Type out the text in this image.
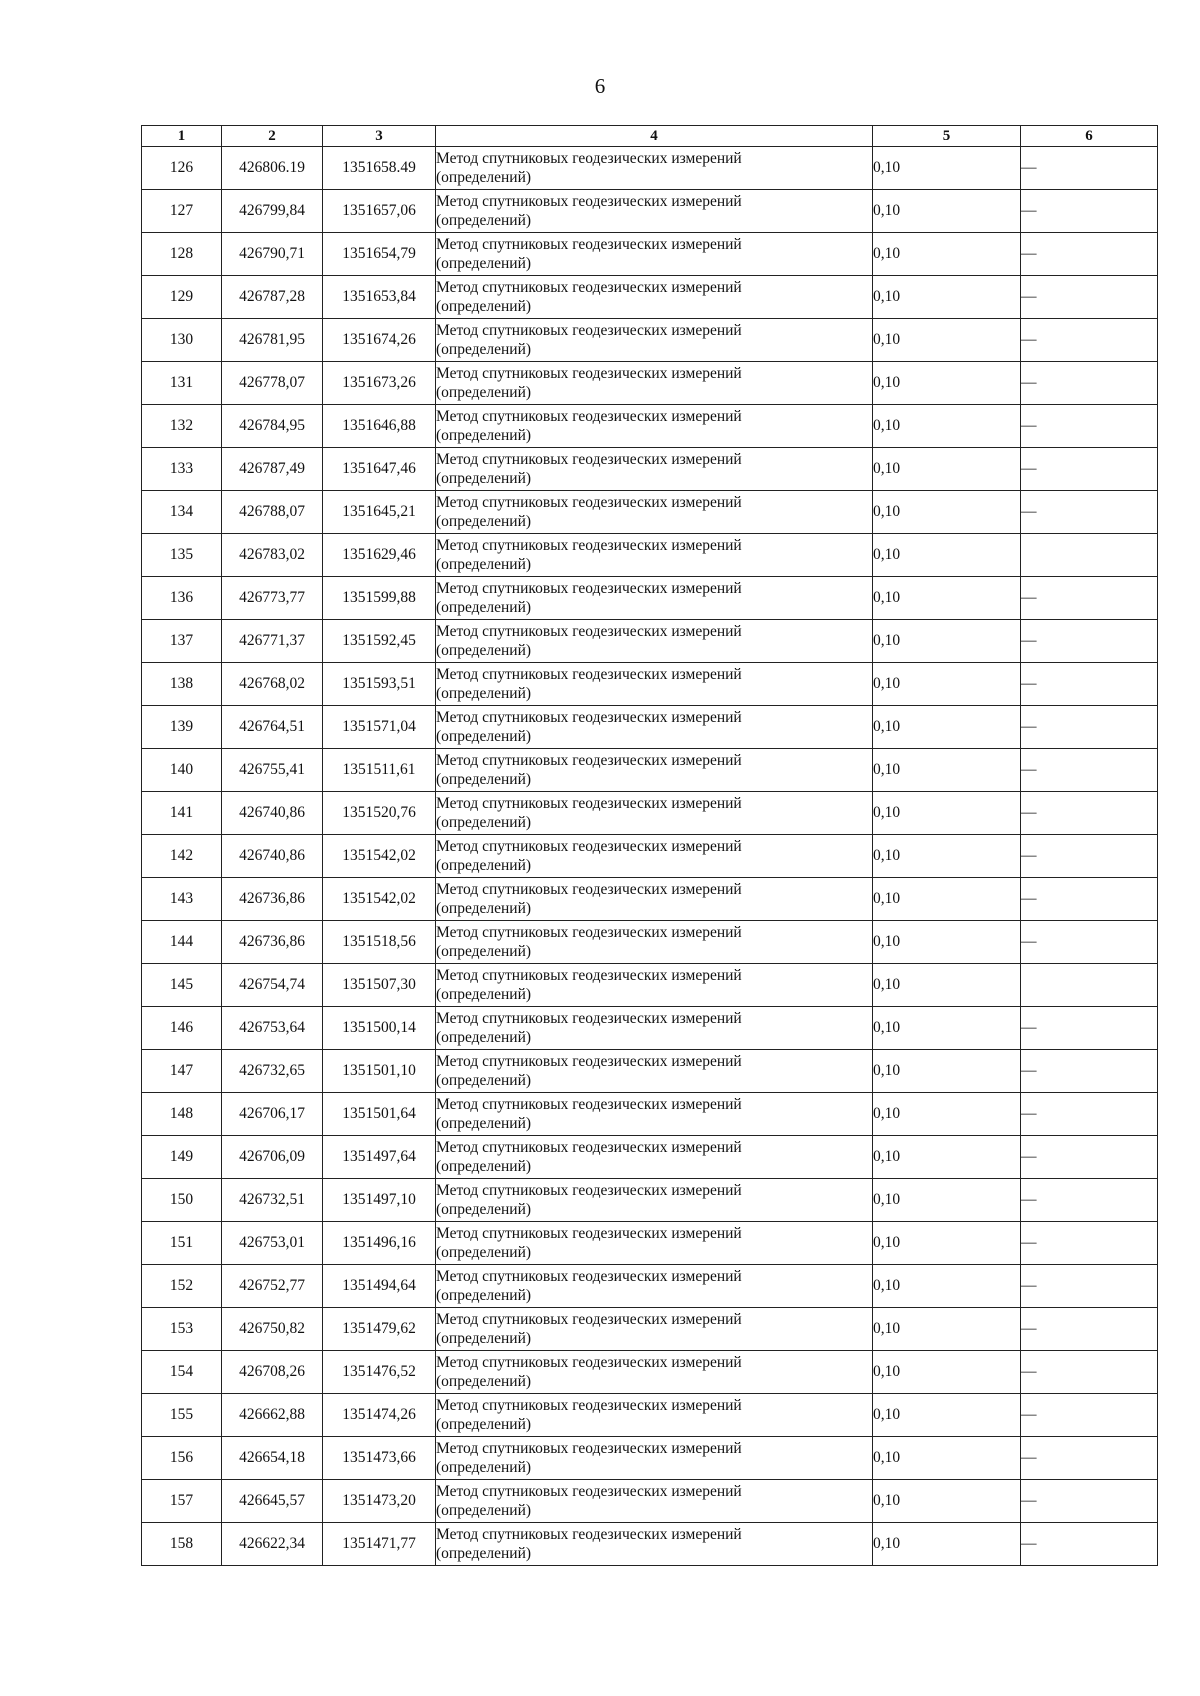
6
1	2	3	4	5	6
126	426806.19	1351658.49	Метод спутниковых геодезических измерений
(определений)	0,10	—
127	426799,84	1351657,06	Метод спутниковых геодезических измерений
(определений)	0,10	—
128	426790,71	1351654,79	Метод спутниковых геодезических измерений
(определений)	0,10	—
129	426787,28	1351653,84	Метод спутниковых геодезических измерений
(определений)	0,10	—
130	426781,95	1351674,26	Метод спутниковых геодезических измерений
(определений)	0,10	—
131	426778,07	1351673,26	Метод спутниковых геодезических измерений
(определений)	0,10	—
132	426784,95	1351646,88	Метод спутниковых геодезических измерений
(определений)	0,10	—
133	426787,49	1351647,46	Метод спутниковых геодезических измерений
(определений)	0,10	—
134	426788,07	1351645,21	Метод спутниковых геодезических измерений
(определений)	0,10	—
135	426783,02	1351629,46	Метод спутниковых геодезических измерений
(определений)	0,10	
136	426773,77	1351599,88	Метод спутниковых геодезических измерений
(определений)	0,10	—
137	426771,37	1351592,45	Метод спутниковых геодезических измерений
(определений)	0,10	—
138	426768,02	1351593,51	Метод спутниковых геодезических измерений
(определений)	0,10	—
139	426764,51	1351571,04	Метод спутниковых геодезических измерений
(определений)	0,10	—
140	426755,41	1351511,61	Метод спутниковых геодезических измерений
(определений)	0,10	—
141	426740,86	1351520,76	Метод спутниковых геодезических измерений
(определений)	0,10	—
142	426740,86	1351542,02	Метод спутниковых геодезических измерений
(определений)	0,10	—
143	426736,86	1351542,02	Метод спутниковых геодезических измерений
(определений)	0,10	—
144	426736,86	1351518,56	Метод спутниковых геодезических измерений
(определений)	0,10	—
145	426754,74	1351507,30	Метод спутниковых геодезических измерений
(определений)	0,10	
146	426753,64	1351500,14	Метод спутниковых геодезических измерений
(определений)	0,10	—
147	426732,65	1351501,10	Метод спутниковых геодезических измерений
(определений)	0,10	—
148	426706,17	1351501,64	Метод спутниковых геодезических измерений
(определений)	0,10	—
149	426706,09	1351497,64	Метод спутниковых геодезических измерений
(определений)	0,10	—
150	426732,51	1351497,10	Метод спутниковых геодезических измерений
(определений)	0,10	—
151	426753,01	1351496,16	Метод спутниковых геодезических измерений
(определений)	0,10	—
152	426752,77	1351494,64	Метод спутниковых геодезических измерений
(определений)	0,10	—
153	426750,82	1351479,62	Метод спутниковых геодезических измерений
(определений)	0,10	—
154	426708,26	1351476,52	Метод спутниковых геодезических измерений
(определений)	0,10	—
155	426662,88	1351474,26	Метод спутниковых геодезических измерений
(определений)	0,10	—
156	426654,18	1351473,66	Метод спутниковых геодезических измерений
(определений)	0,10	—
157	426645,57	1351473,20	Метод спутниковых геодезических измерений
(определений)	0,10	—
158	426622,34	1351471,77	Метод спутниковых геодезических измерений
(определений)	0,10	—
